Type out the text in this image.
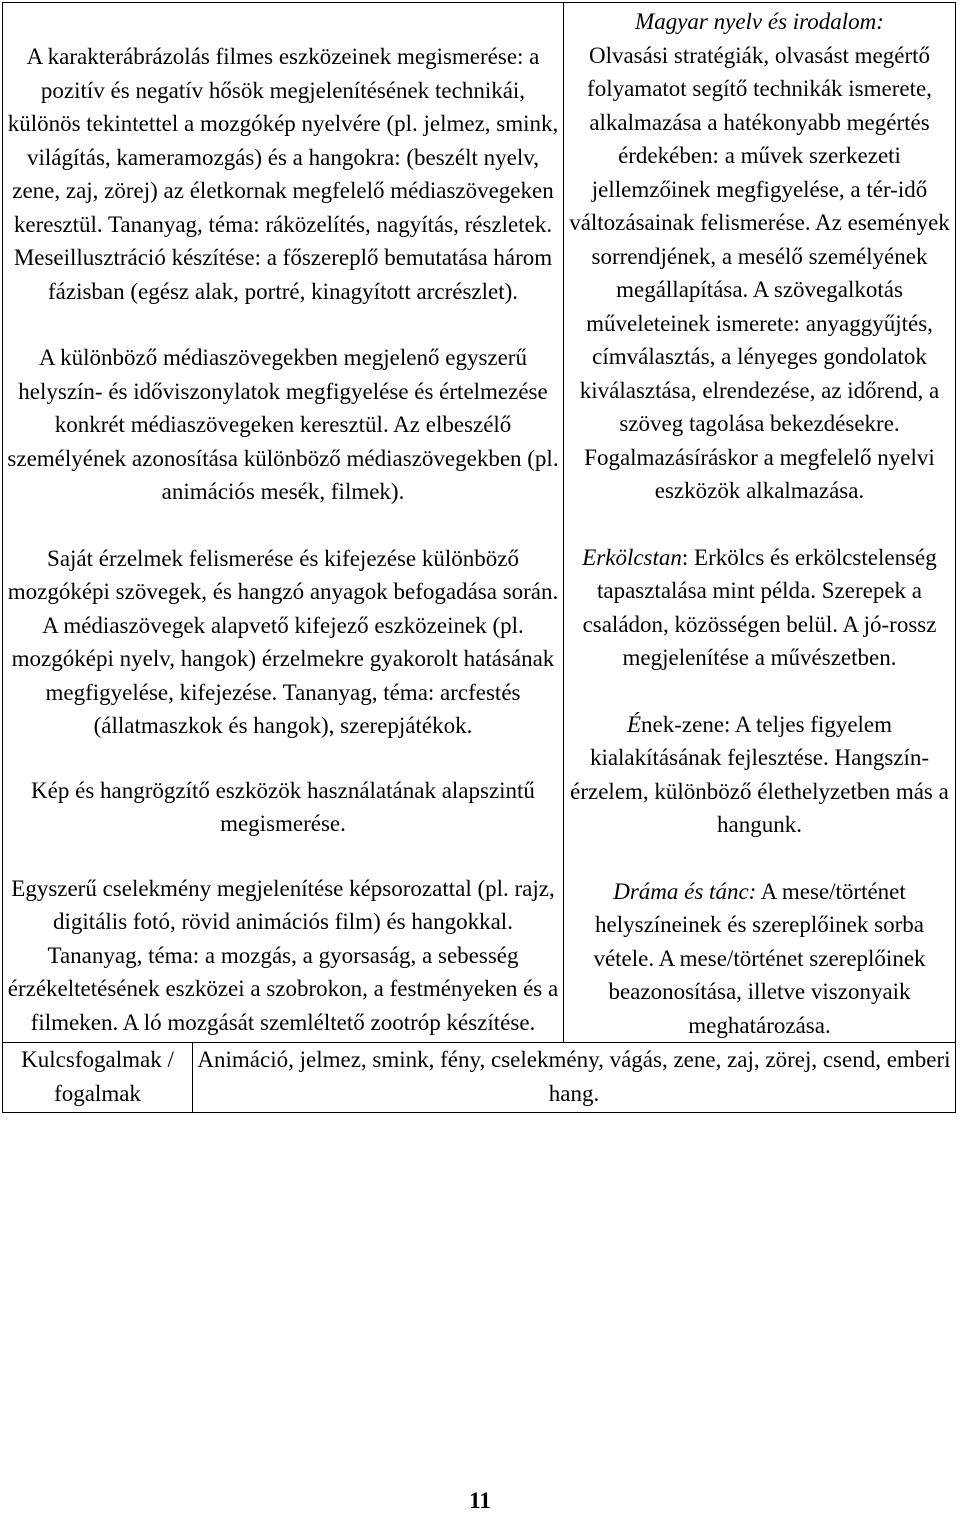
A karakterábrázolás filmes eszközeinek megismerése: a pozitív és negatív hősök megjelenítésének technikái, különös tekintettel a mozgókép nyelvére (pl. jelmez, smink, világítás, kameramozgás) és a hangokra: (beszélt nyelv, zene, zaj, zörej) az életkornak megfelelő médiaszövegeken keresztül. Tananyag, téma: ráközelítés, nagyítás, részletek. Meseillusztráció készítése: a főszereplő bemutatása három fázisban (egész alak, portré, kinagyított arcrészlet).

A különböző médiaszövegekben megjelenő egyszerű helyszín- és időviszonylatok megfigyelése és értelmezése konkrét médiaszövegeken keresztül. Az elbeszélő személyének azonosítása különböző médiaszövegekben (pl. animációs mesék, filmek).

Saját érzelmek felismerése és kifejezése különböző mozgóképi szövegek, és hangzó anyagok befogadása során. A médiaszövegek alapvető kifejező eszközeinek (pl. mozgóképi nyelv, hangok) érzelmekre gyakorolt hatásának megfigyelése, kifejezése. Tananyag, téma: arcfestés (állatmaszkok és hangok), szerepjátékok.

Kép és hangrögzítő eszközök használatának alapszintű megismerése.

Egyszerű cselekmény megjelenítése képsorozattal (pl. rajz, digitális fotó, rövid animációs film) és hangokkal. Tananyag, téma: a mozgás, a gyorsaság, a sebesség érzékeltetésének eszközei a szobrokon, a festményeken és a filmeken. A ló mozgását szemléltető zootróp készítése.

Magyar nyelv és irodalom:
Olvasási stratégiák, olvasást megértő folyamatot segítő technikák ismerete, alkalmazása a hatékonyabb megértés érdekében: a művek szerkezeti jellemzőinek megfigyelése, a tér-idő változásainak felismerése. Az események sorrendjének, a mesélő személyének megállapítása. A szövegalkotás műveleteinek ismerete: anyaggyűjtés, címválasztás, a lényeges gondolatok kiválasztása, elrendezése, az időrend, a szöveg tagolása bekezdésekre. Fogalmazásíráskor a megfelelő nyelvi eszközök alkalmazása.

Erkölcstan: Erkölcs és erkölcstelenség tapasztalása mint példa. Szerepek a családon, közösségen belül. A jó-rossz megjelenítése a művészetben.

Ének-zene: A teljes figyelem kialakításának fejlesztése. Hangszín-érzelem, különböző élethelyzetben más a hangunk.

Dráma és tánc: A mese/történet helyszíneinek és szereplőinek sorba vétele. A mese/történet szereplőinek beazonosítása, illetve viszonyaik meghatározása.

Kulcsfogalmak / fogalmak
Animáció, jelmez, smink, fény, cselekmény, vágás, zene, zaj, zörej, csend, emberi hang.
11
